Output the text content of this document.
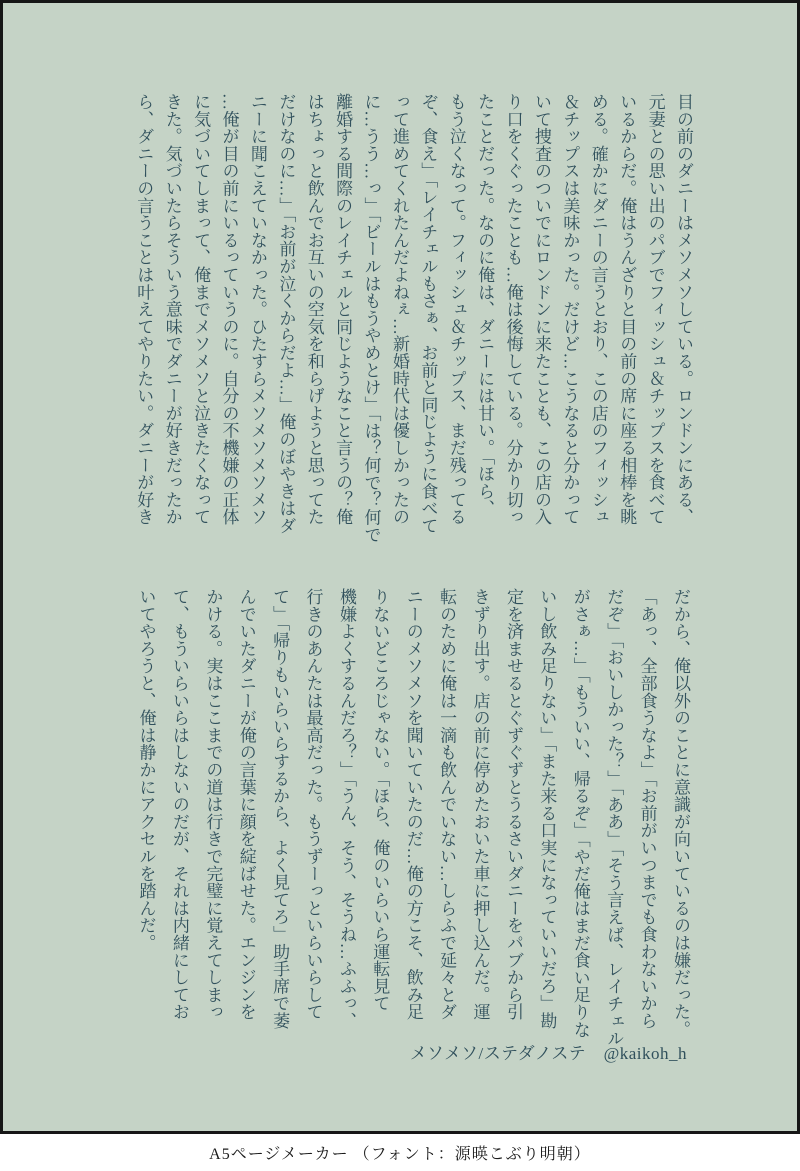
目の前のダニーはメソメソしている。ロンドンにある、
元妻との思い出のパブでフィッシュ＆チップスを食べて
いるからだ。俺はうんざりと目の前の席に座る相棒を眺
める。確かにダニーの言うとおり、この店のフィッシュ
＆チップスは美味かった。だけど…こうなると分かって
いて捜査のついでにロンドンに来たことも、この店の入
り口をくぐったことも…俺は後悔している。分かり切っ
たことだった。なのに俺は、ダニーには甘い。「ほら、
もう泣くなって。フィッシュ＆チップス、まだ残ってる
ぞ、食え」「レイチェルもさぁ、お前と同じように食べて
って進めてくれたんだよねぇ…新婚時代は優しかったの
に…うう…っ」「ビールはもうやめとけ」「は？何で？何で
離婚する間際のレイチェルと同じようなこと言うの？俺
はちょっと飲んでお互いの空気を和らげようと思ってた
だけなのに…」「お前が泣くからだよ…」俺のぼやきはダ
ニーに聞こえていなかった。ひたすらメソメソメソメソ
…俺が目の前にいるっていうのに。自分の不機嫌の正体
に気づいてしまって、俺までメソメソと泣きたくなって
きた。気づいたらそういう意味でダニーが好きだったか
ら、ダニーの言うことは叶えてやりたい。ダニーが好き
だから、俺以外のことに意識が向いているのは嫌だった。
「あっ、全部食うなよ」「お前がいつまでも食わないから
だぞ」「おいしかった？」「ああ」「そう言えば、レイチェル
がさぁ…」「もういい、帰るぞ」「やだ俺はまだ食い足りな
いし飲み足りない」「また来る口実になっていいだろ」勘
定を済ませるとぐずぐずとうるさいダニーをパブから引
きずり出す。店の前に停めたおいた車に押し込んだ。運
転のために俺は一滴も飲んでいない…しらふで延々とダ
ニーのメソメソを聞いていたのだ…俺の方こそ、飲み足
りないどころじゃない。「ほら、俺のいらいら運転見て
機嫌よくするんだろ？」「うん、そう、そうね…ふふっ、
行きのあんたは最高だった。もうずーっといらいらして
て」「帰りもいらいらするから、よく見てろ」助手席で萎
んでいたダニーが俺の言葉に顔を綻ばせた。エンジンを
かける。実はここまでの道は行きで完璧に覚えてしまっ
て、もういらいらはしないのだが、それは内緒にしてお
いてやろうと、俺は静かにアクセルを踏んだ。
メソメソ/ステダノステ　@kaikoh_h
A5ページメーカー （フォント：源暎こぶり明朝）
